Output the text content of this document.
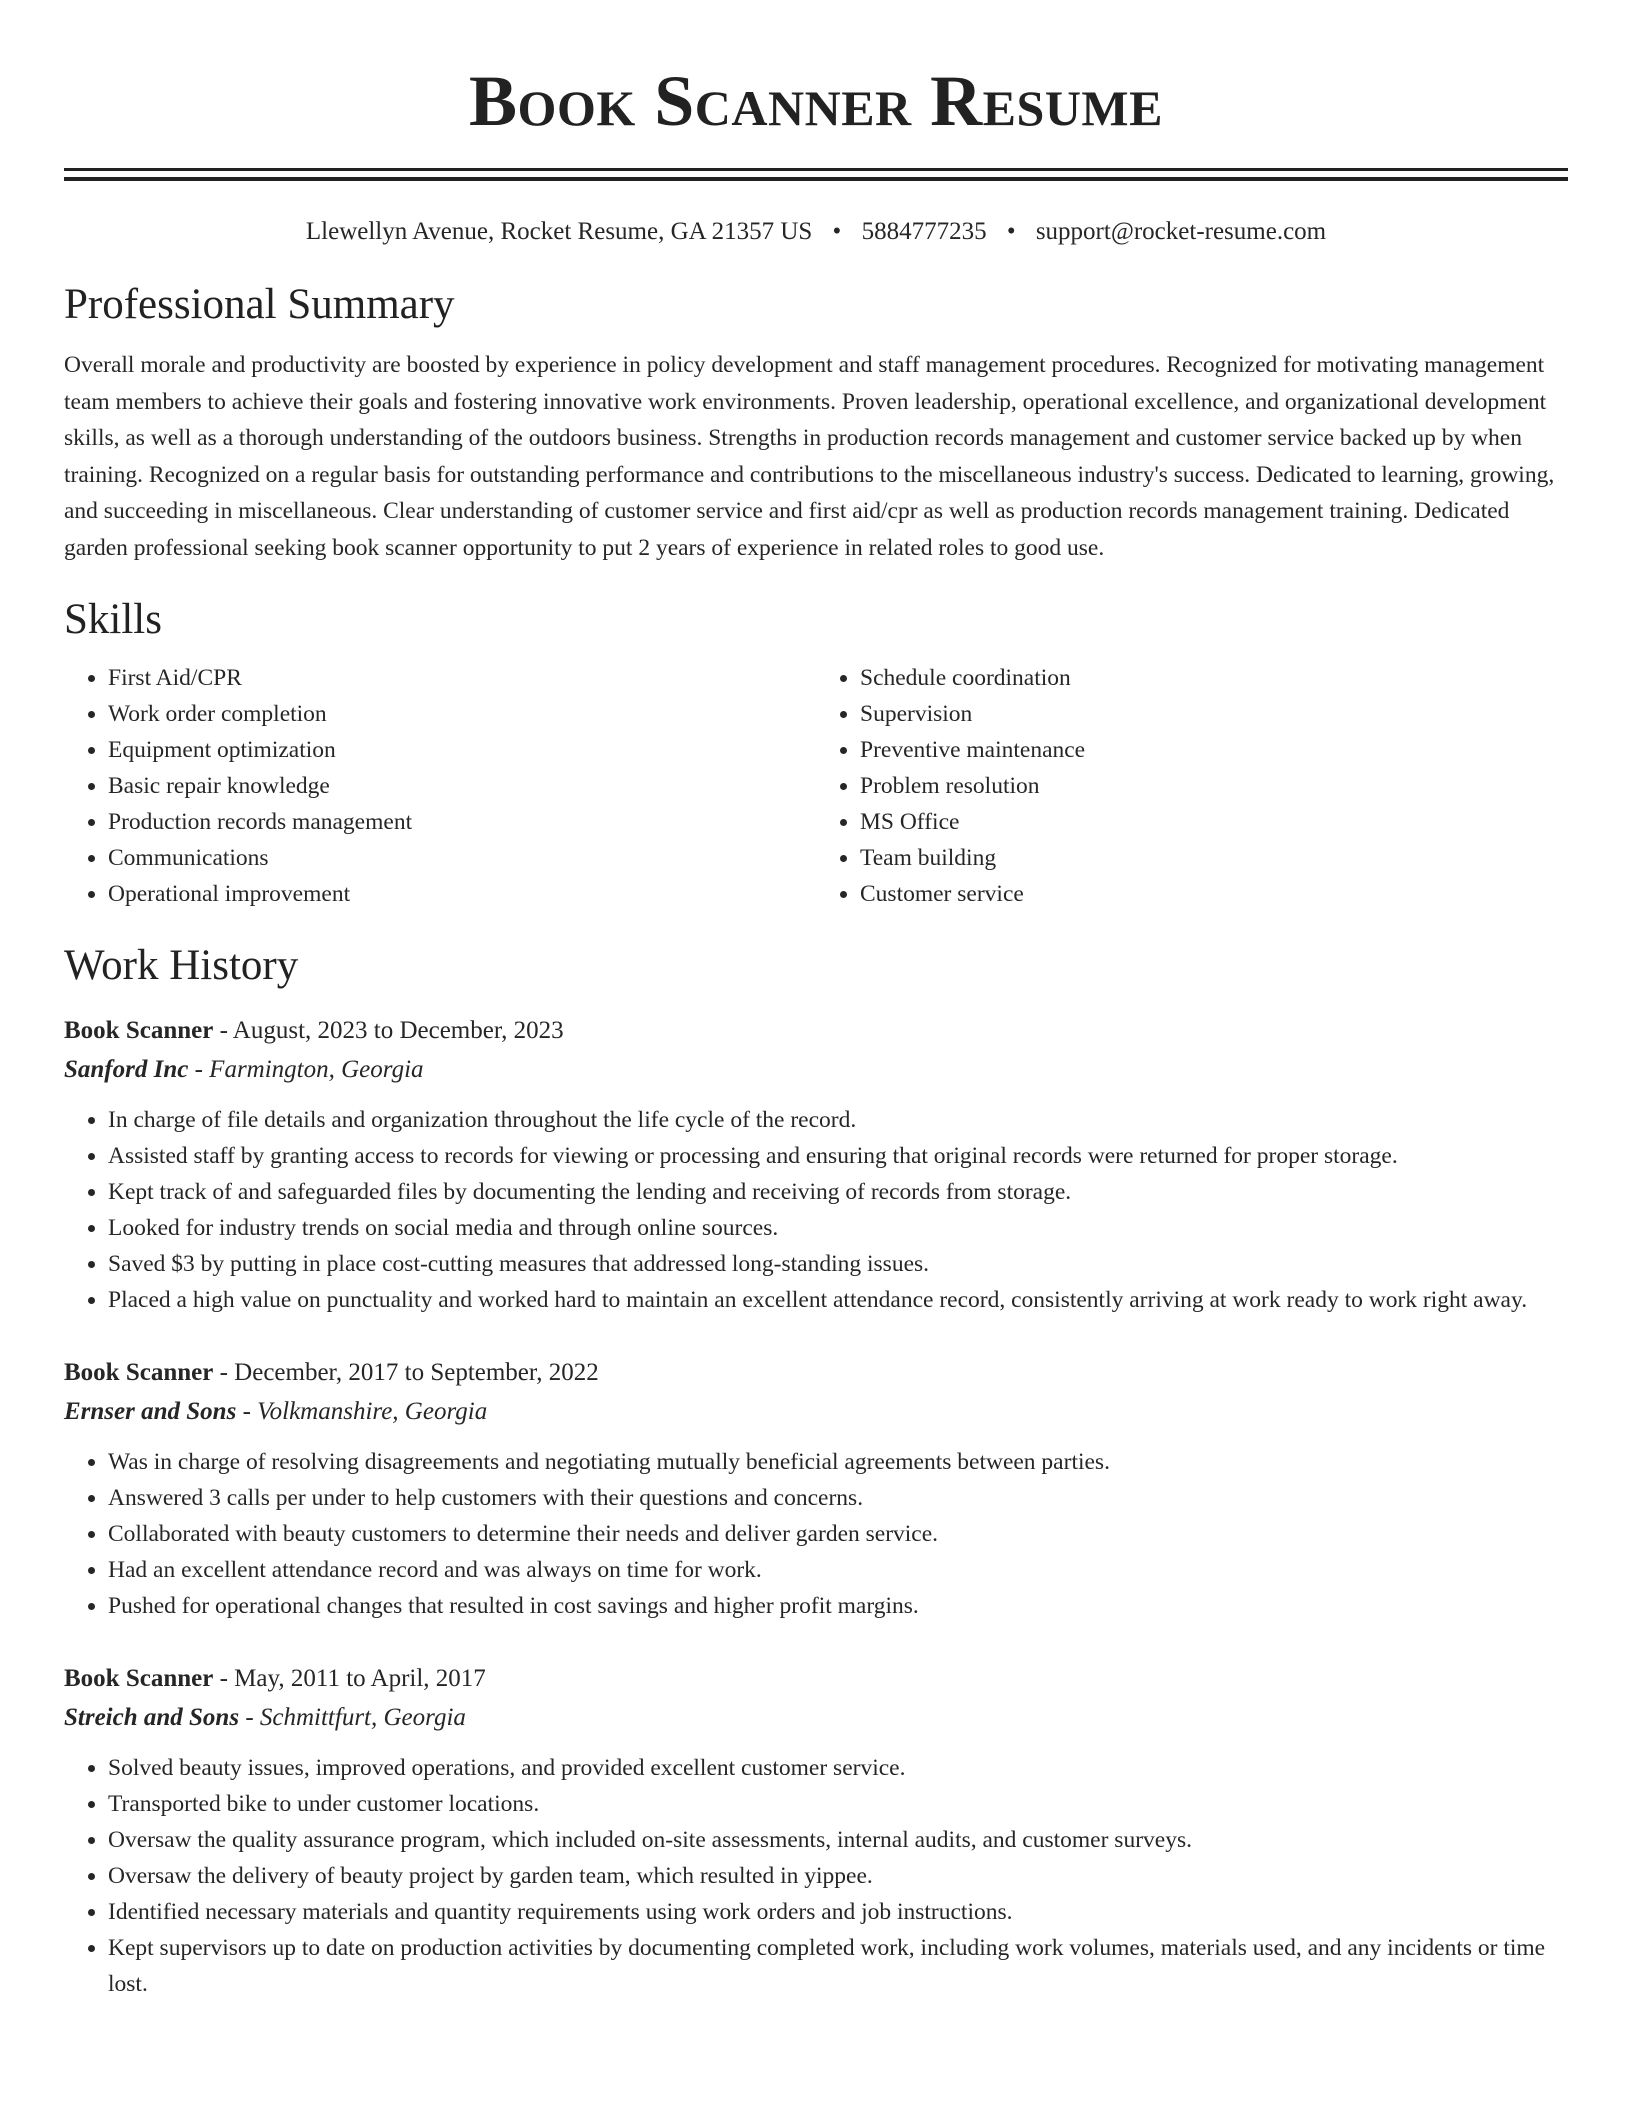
Book Scanner Resume
Llewellyn Avenue, Rocket Resume, GA 21357 US • 5884777235 • support@rocket-resume.com
Professional Summary

Overall morale and productivity are boosted by experience in policy development and staff management procedures. Recognized for motivating management team members to achieve their goals and fostering innovative work environments. Proven leadership, operational excellence, and organizational development skills, as well as a thorough understanding of the outdoors business. Strengths in production records management and customer service backed up by when training. Recognized on a regular basis for outstanding performance and contributions to the miscellaneous industry's success. Dedicated to learning, growing, and succeeding in miscellaneous. Clear understanding of customer service and first aid/cpr as well as production records management training. Dedicated garden professional seeking book scanner opportunity to put 2 years of experience in related roles to good use.

Skills
• First Aid/CPR
• Work order completion
• Equipment optimization
• Basic repair knowledge
• Production records management
• Communications
• Operational improvement
• Schedule coordination
• Supervision
• Preventive maintenance
• Problem resolution
• MS Office
• Team building
• Customer service
Work History
Book Scanner - August, 2023 to December, 2023
Sanford Inc - Farmington, Georgia
• In charge of file details and organization throughout the life cycle of the record.
• Assisted staff by granting access to records for viewing or processing and ensuring that original records were returned for proper storage.
• Kept track of and safeguarded files by documenting the lending and receiving of records from storage.
• Looked for industry trends on social media and through online sources.
• Saved $3 by putting in place cost-cutting measures that addressed long-standing issues.
• Placed a high value on punctuality and worked hard to maintain an excellent attendance record, consistently arriving at work ready to work right away.
Book Scanner - December, 2017 to September, 2022
Ernser and Sons - Volkmanshire, Georgia
• Was in charge of resolving disagreements and negotiating mutually beneficial agreements between parties.
• Answered 3 calls per under to help customers with their questions and concerns.
• Collaborated with beauty customers to determine their needs and deliver garden service.
• Had an excellent attendance record and was always on time for work.
• Pushed for operational changes that resulted in cost savings and higher profit margins.
Book Scanner - May, 2011 to April, 2017
Streich and Sons - Schmittfurt, Georgia
• Solved beauty issues, improved operations, and provided excellent customer service.
• Transported bike to under customer locations.
• Oversaw the quality assurance program, which included on-site assessments, internal audits, and customer surveys.
• Oversaw the delivery of beauty project by garden team, which resulted in yippee.
• Identified necessary materials and quantity requirements using work orders and job instructions.
• Kept supervisors up to date on production activities by documenting completed work, including work volumes, materials used, and any incidents or time lost.
